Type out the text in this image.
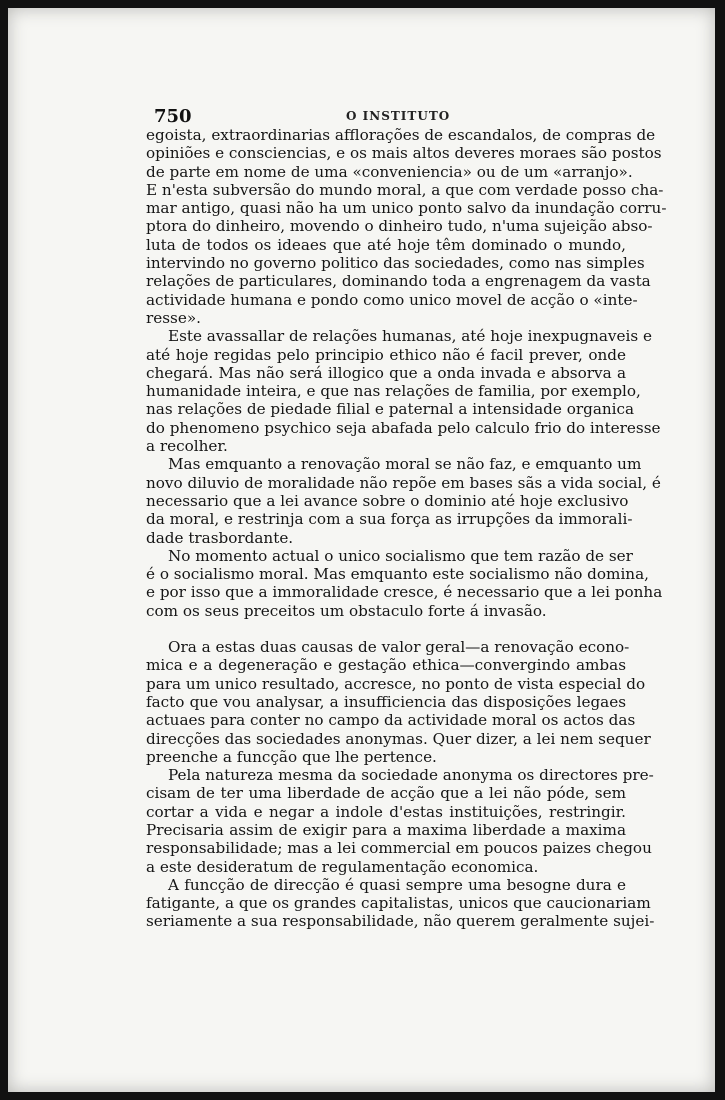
750	O INSTITUTO
egoista, extraordinarias afflorações de escandalos, de compras de
opiniões e consciencias, e os mais altos deveres moraes são postos
de parte em nome de uma «conveniencia» ou de um «arranjo».
E n'esta subversão do mundo moral, a que com verdade posso cha-
mar antigo, quasi não ha um unico ponto salvo da inundação corru-
ptora do dinheiro, movendo o dinheiro tudo, n'uma sujeição abso-
luta de todos os ideaes que até hoje têm dominado o mundo,
intervindo no governo politico das sociedades, como nas simples
relações de particulares, dominando toda a engrenagem da vasta
actividade humana e pondo como unico movel de acção o «inte-
resse».
Este avassallar de relações humanas, até hoje inexpugnaveis e
até hoje regidas pelo principio ethico não é facil prever, onde
chegará. Mas não será illogico que a onda invada e absorva a
humanidade inteira, e que nas relações de familia, por exemplo,
nas relações de piedade filial e paternal a intensidade organica
do phenomeno psychico seja abafada pelo calculo frio do interesse
a recolher.
Mas emquanto a renovação moral se não faz, e emquanto um
novo diluvio de moralidade não repõe em bases sãs a vida social, é
necessario que a lei avance sobre o dominio até hoje exclusivo
da moral, e restrinja com a sua força as irrupções da immorali-
dade trasbordante.
No momento actual o unico socialismo que tem razão de ser
é o socialismo moral. Mas emquanto este socialismo não domina,
e por isso que a immoralidade cresce, é necessario que a lei ponha
com os seus preceitos um obstaculo forte á invasão.
Ora a estas duas causas de valor geral—a renovação econo-
mica e a degeneração e gestação ethica—convergindo ambas
para um unico resultado, accresce, no ponto de vista especial do
facto que vou analysar, a insufficiencia das disposições legaes
actuaes para conter no campo da actividade moral os actos das
direcções das sociedades anonymas. Quer dizer, a lei nem sequer
preenche a funcção que lhe pertence.
Pela natureza mesma da sociedade anonyma os directores pre-
cisam de ter uma liberdade de acção que a lei não póde, sem
cortar a vida e negar a indole d'estas instituições, restringir.
Precisaria assim de exigir para a maxima liberdade a maxima
responsabilidade; mas a lei commercial em poucos paizes chegou
a este desideratum de regulamentação economica.
A funcção de direcção é quasi sempre uma besogne dura e
fatigante, a que os grandes capitalistas, unicos que caucionariam
seriamente a sua responsabilidade, não querem geralmente sujei-
